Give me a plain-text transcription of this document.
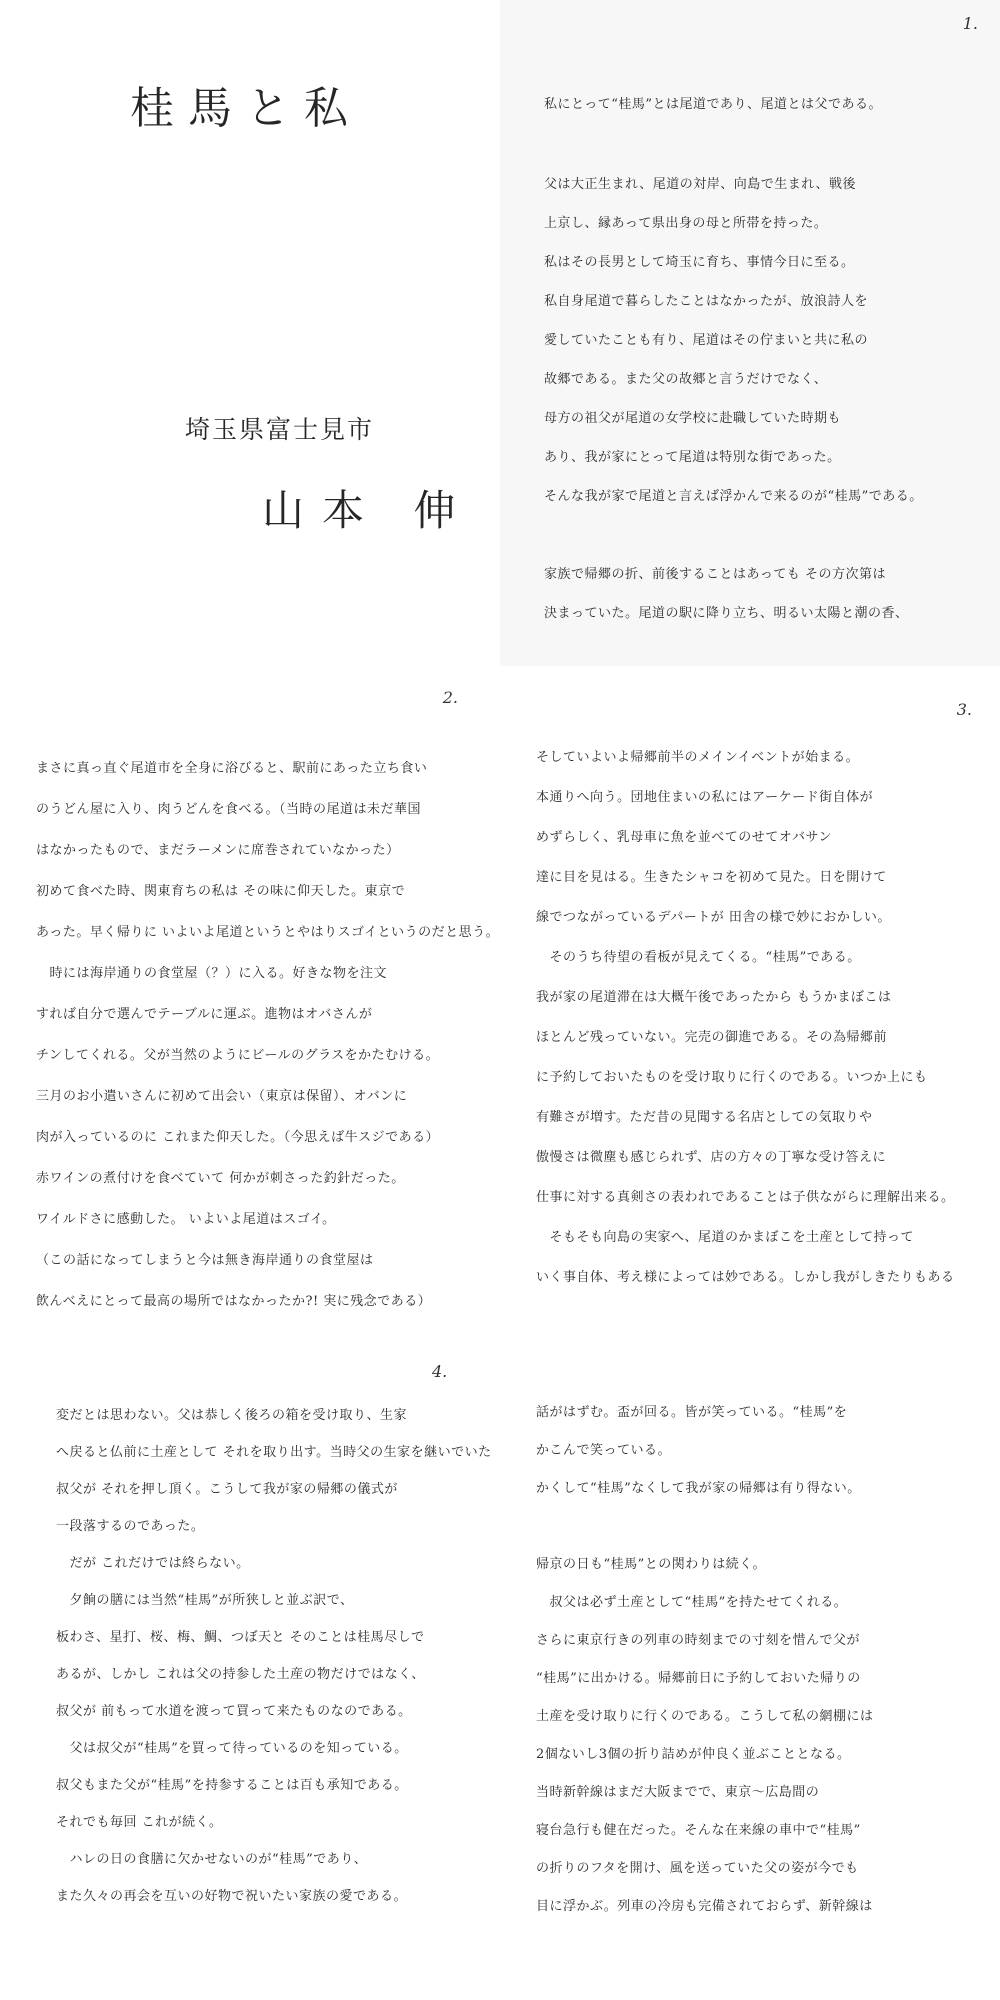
桂馬と私
埼玉県富士見市
山本 伸
1.
私にとって“桂馬”とは尾道であり、尾道とは父である。
父は大正生まれ、尾道の対岸、向島で生まれ、戦後
上京し、縁あって県出身の母と所帯を持った。
私はその長男として埼玉に育ち、事情今日に至る。
私自身尾道で暮らしたことはなかったが、放浪詩人を
愛していたことも有り、尾道はその佇まいと共に私の
故郷である。また父の故郷と言うだけでなく、
母方の祖父が尾道の女学校に赴職していた時期も
あり、我が家にとって尾道は特別な街であった。
そんな我が家で尾道と言えば浮かんで来るのが“桂馬”である。
家族で帰郷の折、前後することはあっても その方次第は
決まっていた。尾道の駅に降り立ち、明るい太陽と潮の香、
2.
まさに真っ直ぐ尾道市を全身に浴びると、駅前にあった立ち食い
のうどん屋に入り、肉うどんを食べる。（当時の尾道は未だ華国
はなかったもので、まだラーメンに席巻されていなかった）
初めて食べた時、関東育ちの私は その味に仰天した。東京で
あった。早く帰りに いよいよ尾道というとやはりスゴイというのだと思う。
　時には海岸通りの食堂屋（？）に入る。好きな物を注文
すれば自分で選んでテーブルに運ぶ。進物はオバさんが
チンしてくれる。父が当然のようにビールのグラスをかたむける。
三月のお小遣いさんに初めて出会い（東京は保留）、オバンに
肉が入っているのに これまた仰天した。（今思えば牛スジである）
赤ワインの煮付けを食べていて 何かが刺さった釣針だった。
ワイルドさに感動した。 いよいよ尾道はスゴイ。
（この話になってしまうと今は無き海岸通りの食堂屋は
飲んべえにとって最高の場所ではなかったか?! 実に残念である）
3.
そしていよいよ帰郷前半のメインイベントが始まる。
本通りへ向う。団地住まいの私にはアーケード街自体が
めずらしく、乳母車に魚を並べてのせてオバサン
達に目を見はる。生きたシャコを初めて見た。日を開けて
線でつながっているデパートが 田舎の様で妙におかしい。
　そのうち待望の看板が見えてくる。“桂馬”である。
我が家の尾道滞在は大概午後であったから もうかまぼこは
ほとんど残っていない。完売の御進である。その為帰郷前
に予約しておいたものを受け取りに行くのである。いつか上にも
有難さが増す。ただ昔の見聞する名店としての気取りや
傲慢さは微塵も感じられず、店の方々の丁寧な受け答えに
仕事に対する真剣さの表われであることは子供ながらに理解出来る。
　そもそも向島の実家へ、尾道のかまぼこを土産として持って
いく事自体、考え様によっては妙である。しかし我がしきたりもある
4.
変だとは思わない。父は恭しく後ろの箱を受け取り、生家
へ戻ると仏前に土産として それを取り出す。当時父の生家を継いでいた
叔父が それを押し頂く。こうして我が家の帰郷の儀式が
一段落するのであった。
　だが これだけでは終らない。
　夕餉の膳には当然“桂馬”が所狭しと並ぶ訳で、
板わさ、星打、桜、梅、鯛、つぼ天と そのことは桂馬尽しで
あるが、しかし これは父の持参した土産の物だけではなく、
叔父が 前もって水道を渡って買って来たものなのである。
　父は叔父が“桂馬”を買って待っているのを知っている。
叔父もまた父が“桂馬”を持参することは百も承知である。
それでも毎回 これが続く。
　ハレの日の食膳に欠かせないのが“桂馬”であり、
また久々の再会を互いの好物で祝いたい家族の愛である。
話がはずむ。盃が回る。皆が笑っている。“桂馬”を
かこんで笑っている。
かくして“桂馬”なくして我が家の帰郷は有り得ない。
帰京の日も“桂馬”との関わりは続く。
　叔父は必ず土産として“桂馬”を持たせてくれる。
さらに東京行きの列車の時刻までの寸刻を惜んで父が
“桂馬”に出かける。帰郷前日に予約しておいた帰りの
土産を受け取りに行くのである。こうして私の網棚には
2個ないし3個の折り詰めが仲良く並ぶこととなる。
当時新幹線はまだ大阪までで、東京～広島間の
寝台急行も健在だった。そんな在来線の車中で“桂馬”
の折りのフタを開け、風を送っていた父の姿が今でも
目に浮かぶ。列車の冷房も完備されておらず、新幹線は
